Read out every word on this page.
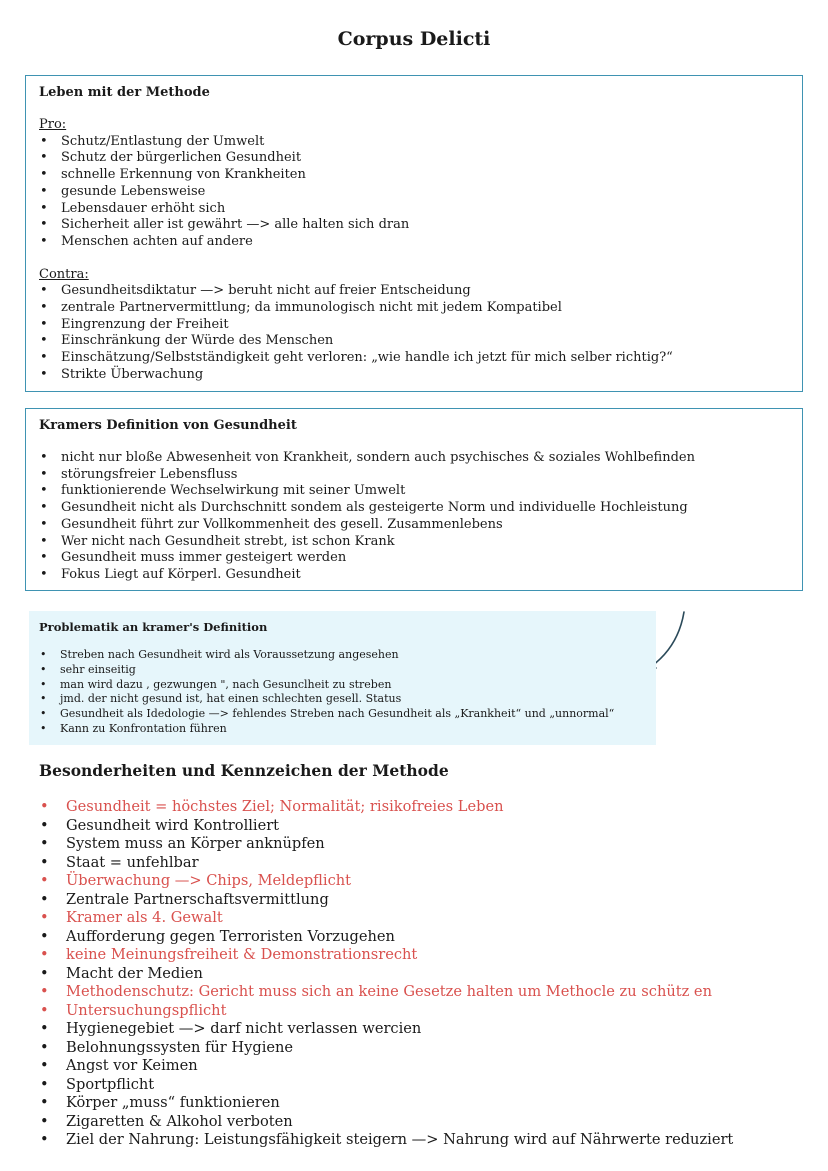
Corpus Delicti
Leben mit der Methode
Pro:
• Schutz/Entlastung der Umwelt
• Schutz der bürgerlichen Gesundheit
• schnelle Erkennung von Krankheiten
• gesunde Lebensweise
• Lebensdauer erhöht sich
• Sicherheit aller ist gewährt —> alle halten sich dran
• Menschen achten auf andere
Contra:
• Gesundheitsdiktatur —> beruht nicht auf freier Entscheidung
• zentrale Partnervermittlung; da immunologisch nicht mit jedem Kompatibel
• Eingrenzung der Freiheit
• Einschränkung der Würde des Menschen
• Einschätzung/Selbstständigkeit geht verloren: „wie handle ich jetzt für mich selber richtig?“
• Strikte Überwachung
Kramers Definition von Gesundheit
• nicht nur bloße Abwesenheit von Krankheit, sondern auch psychisches & soziales Wohlbefinden
• störungsfreier Lebensfluss
• funktionierende Wechselwirkung mit seiner Umwelt
• Gesundheit nicht als Durchschnitt sondem als gesteigerte Norm und individuelle Hochleistung
• Gesundheit führt zur Vollkommenheit des gesell. Zusammenlebens
• Wer nicht nach Gesundheit strebt, ist schon Krank
• Gesundheit muss immer gesteigert werden
• Fokus Liegt auf Körperl. Gesundheit
Problematik an kramer's Definition
• Streben nach Gesundheit wird als Voraussetzung angesehen
• sehr einseitig
• man wird dazu , gezwungen ", nach Gesunclheit zu streben
• jmd. der nicht gesund ist, hat einen schlechten gesell. Status
• Gesundheit als Idedologie —> fehlendes Streben nach Gesundheit als „Krankheit“ und „unnormal“
• Kann zu Konfrontation führen
Besonderheiten und Kennzeichen der Methode
• Gesundheit = höchstes Ziel; Normalität; risikofreies Leben
• Gesundheit wird Kontrolliert
• System muss an Körper anknüpfen
• Staat = unfehlbar
• Überwachung —> Chips, Meldepflicht
• Zentrale Partnerschaftsvermittlung
• Kramer als 4. Gewalt
• Aufforderung gegen Terroristen Vorzugehen
• keine Meinungsfreiheit & Demonstrationsrecht
• Macht der Medien
• Methodenschutz: Gericht muss sich an keine Gesetze halten um Methocle zu schütz en
• Untersuchungspflicht
• Hygienegebiet —> darf nicht verlassen wercien
• Belohnungssysten für Hygiene
• Angst vor Keimen
• Sportpflicht
• Körper „muss“ funktionieren
• Zigaretten & Alkohol verboten
• Ziel der Nahrung: Leistungsfähigkeit steigern —> Nahrung wird auf Nährwerte reduziert
